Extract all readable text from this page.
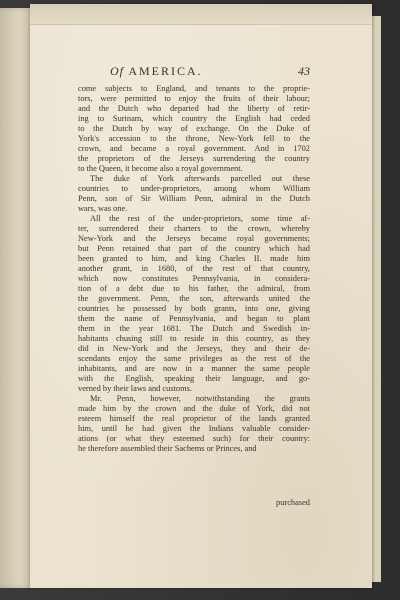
Of AMERICA.	43
come subjects to England, and tenants to the proprie-
tors, were permitted to enjoy the fruits of their labour;
and the Dutch who departed had the liberty of retir-
ing to Surinam, which country the English had ceded
to the Dutch by way of exchange. On the Duke of
York's accession to the throne, New-York fell to the
crown, and became a royal government. And in 1702
the proprietors of the Jerseys surrendering the country
to the Queen, it become also a royal government.
The duke of York afterwards parcelled out these
countries to under-proprietors, among whom William
Penn, son of Sir William Penn, admiral in the Dutch
wars, was one.
All the rest of the under-proprietors, some time af-
ter, surrendered their charters to the crown, whereby
New-York and the Jerseys became royal governments;
but Penn retained that part of the country which had
been granted to him, and king Charles II. made him
another grant, in 1680, of the rest of that country,
which now constitutes Pennsylvania, in considera-
tion of a debt due to his father, the admiral, from
the government. Penn, the son, afterwards united the
countries he possessed by both grants, into one, giving
them the name of Pennsylvania, and began to plant
them in the year 1681. The Dutch and Swedish in-
habitants chusing still to reside in this country, as they
did in New-York and the Jerseys, they and their de-
scendants enjoy the same privileges as the rest of the
inhabitants, and are now in a manner the same people
with the English, speaking their language, and go-
verned by their laws and customs.
Mr. Penn, however, notwithstanding the grants
made him by the crown and the duke of York, did not
esteem himself the real proprietor of the lands granted
him, until he had given the Indians valuable consider-
ations (or what they esteemed such) for their country:
he therefore assembled their Sachems or Princes, and
purchased
